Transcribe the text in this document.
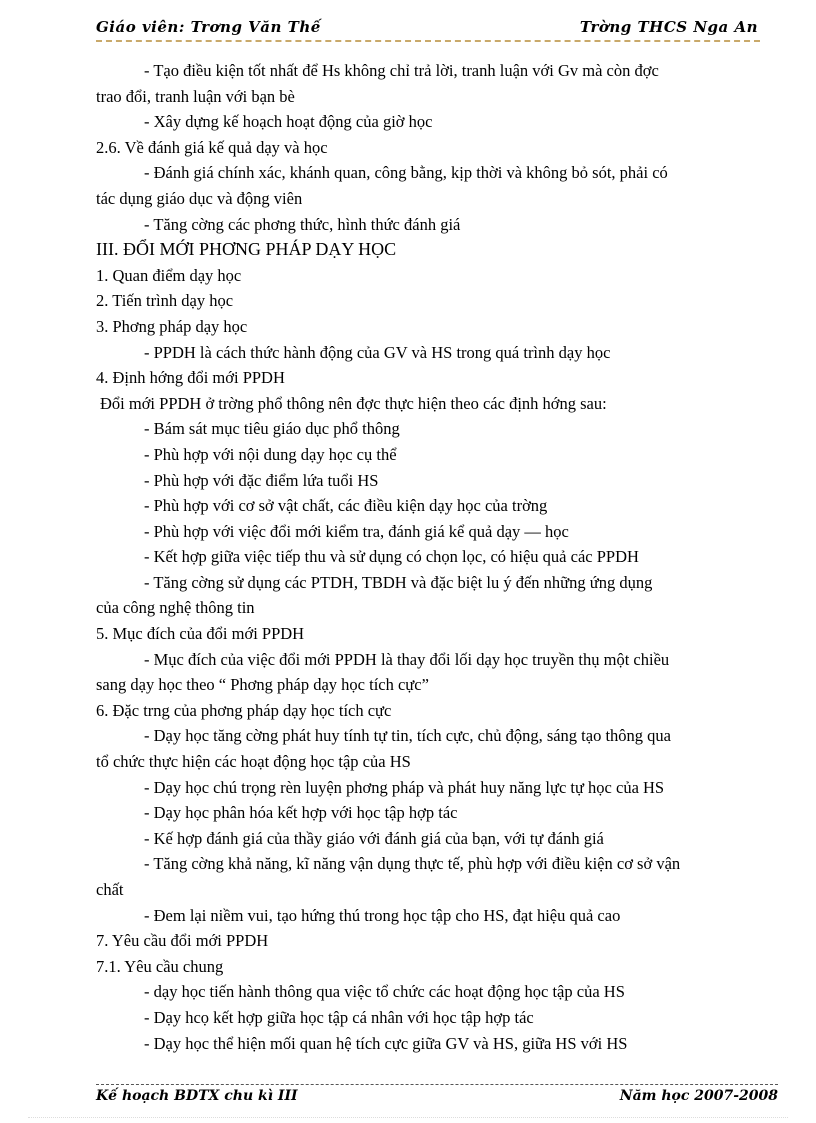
Giáo viên: Trơng Văn Thế	Trờng THCS Nga An
- Tạo điều kiện tốt nhất để Hs không chỉ trả lời, tranh luận với Gv mà còn đợc
trao đổi, tranh luận với bạn bè
- Xây dựng kế hoạch hoạt động của giờ học
2.6. Về đánh giá kế quả dạy và học
- Đánh giá chính xác, khánh quan, công bằng, kịp thời và không bỏ sót, phải có
tác dụng giáo dục và động viên
- Tăng cờng các phơng thức, hình thức đánh giá
III. ĐỔI MỚI PHƠNG PHÁP DẠY HỌC
1. Quan điểm dạy học
2. Tiến trình dạy học
3. Phơng pháp dạy học
- PPDH là cách thức hành động của GV và HS trong quá trình dạy học
4. Định hớng đổi mới PPDH
Đổi mới PPDH ở trờng phổ thông nên đợc thực hiện theo các định hớng sau:
- Bám sát mục tiêu giáo dục phổ thông
- Phù hợp với nội dung dạy học cụ thể
- Phù hợp với đặc điểm lứa tuổi HS
- Phù hợp với cơ sở vật chất, các điều kiện dạy học của trờng
- Phù hợp với việc đổi mới kiểm tra, đánh giá kể quả dạy — học
- Kết hợp giữa việc tiếp thu và sử dụng có chọn lọc, có hiệu quả các PPDH
- Tăng cờng sử dụng các PTDH, TBDH và đặc biệt lu ý đến những ứng dụng
của công nghệ thông tin
5. Mục đích của đổi mới PPDH
- Mục đích của việc đổi mới PPDH là thay đổi lối dạy học truyền thụ một chiều
sang dạy học theo “ Phơng pháp dạy học tích cực”
6. Đặc trng của phơng pháp dạy học tích cực
- Dạy học tăng cờng phát huy tính tự tin, tích cực, chủ động, sáng tạo thông qua
tổ chức thực hiện các hoạt động học tập của HS
- Dạy học chú trọng rèn luyện phơng pháp và phát huy năng lực tự học của HS
- Dạy học phân hóa kết hợp với học tập hợp tác
- Kế hợp đánh giá của thầy giáo với đánh giá của bạn, với tự đánh giá
- Tăng cờng khả năng, kĩ năng vận dụng thực tế, phù hợp với điều kiện cơ sở vận
chất
- Đem lại niềm vui, tạo hứng thú trong học tập cho HS, đạt hiệu quả cao
7. Yêu cầu đổi mới PPDH
7.1. Yêu cầu chung
- dạy học tiến hành thông qua việc tổ chức các hoạt động học tập của HS
- Dạy hcọ kết hợp giữa học tập cá nhân với học tập hợp tác
- Dạy học thể hiện mối quan hệ tích cực giữa GV và HS, giữa HS với HS
Kế hoạch BDTX chu kì III	Năm học 2007-2008
